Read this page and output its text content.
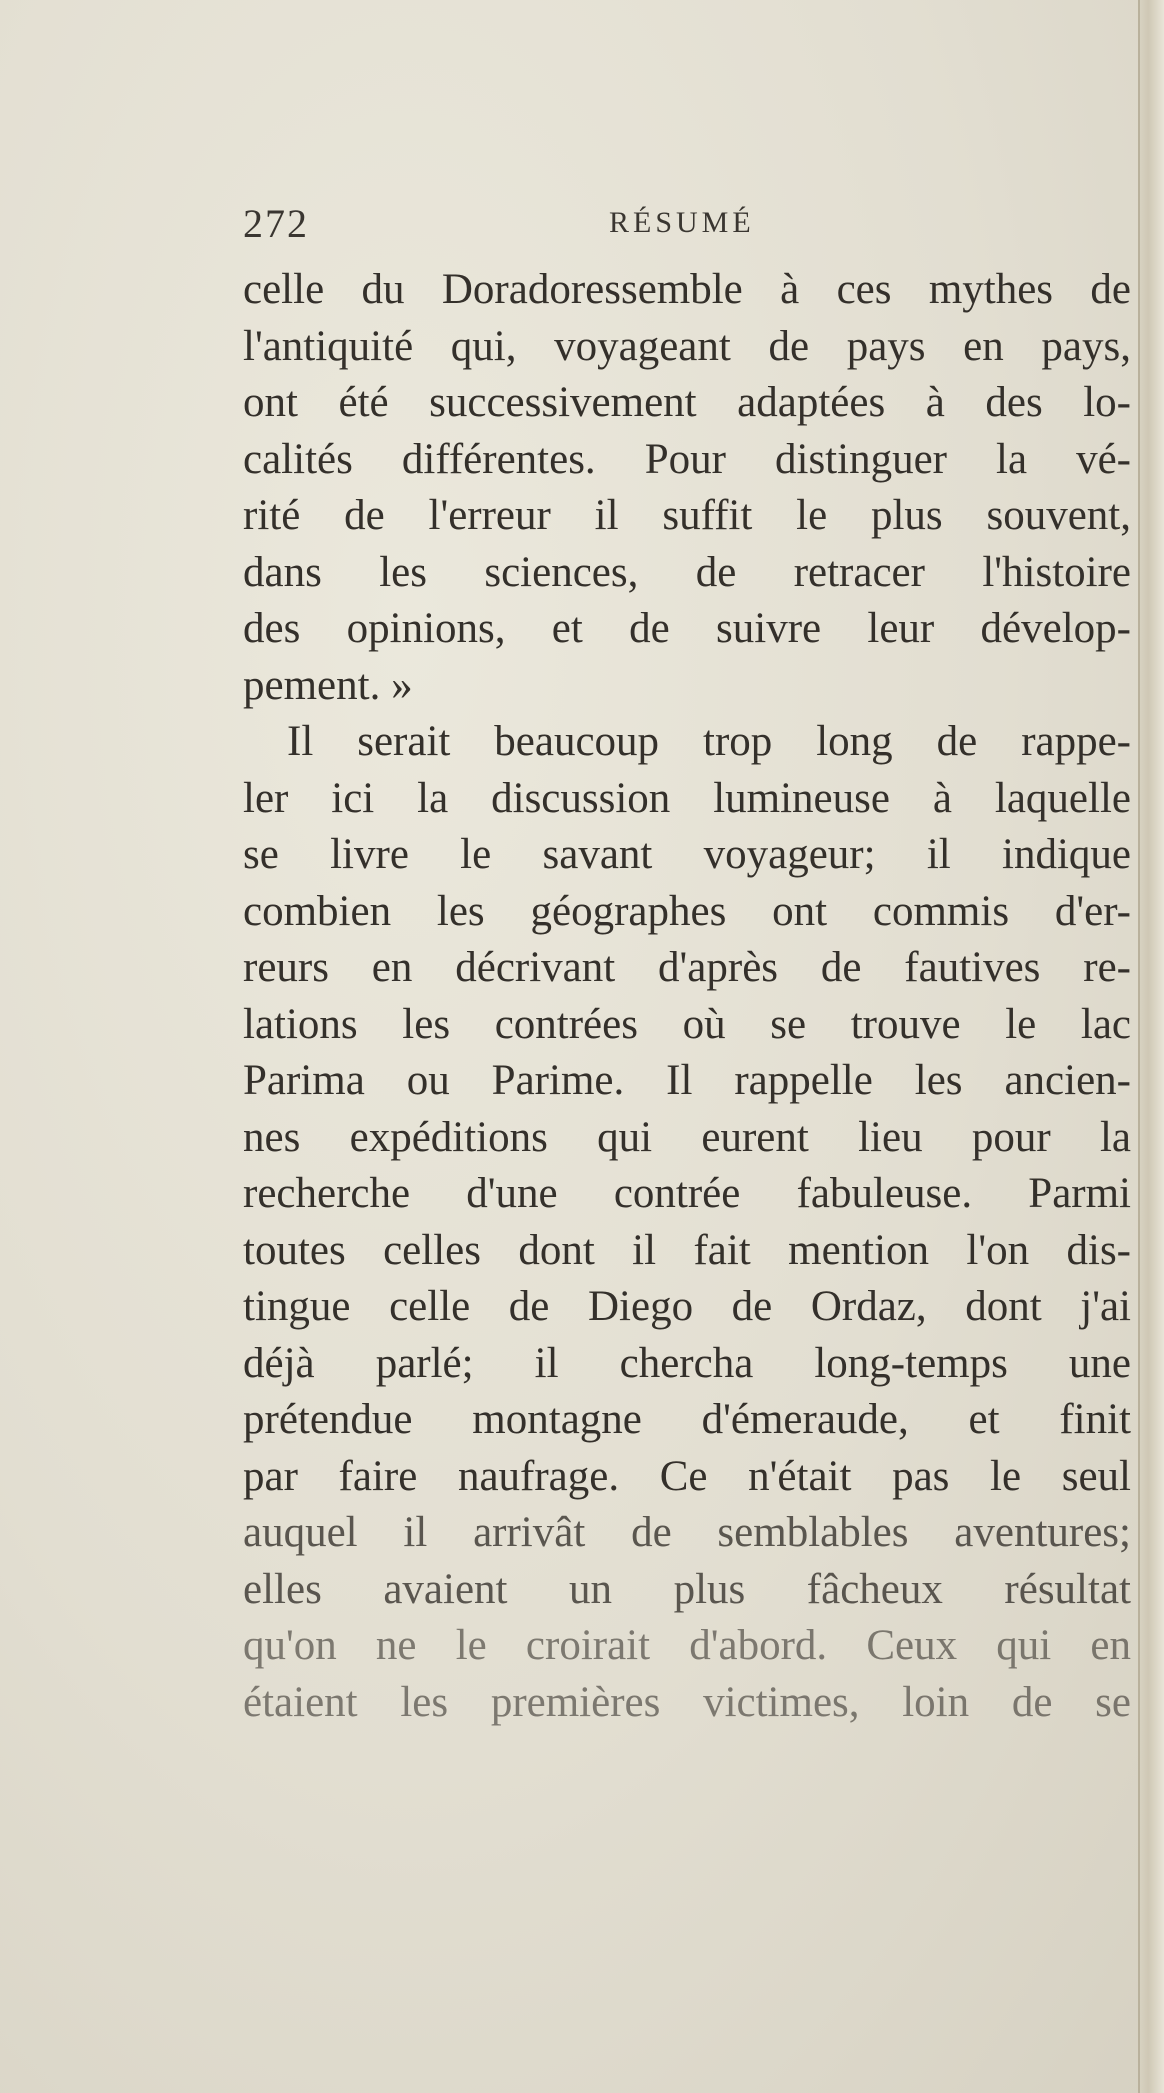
272	RÉSUMÉ
celle du Doradoressemble à ces mythes de
l'antiquité qui, voyageant de pays en pays,
ont été successivement adaptées à des lo-
calités différentes. Pour distinguer la vé-
rité de l'erreur il suffit le plus souvent,
dans les sciences, de retracer l'histoire
des opinions, et de suivre leur dévelop-
pement. »
Il serait beaucoup trop long de rappe-
ler ici la discussion lumineuse à laquelle
se livre le savant voyageur; il indique
combien les géographes ont commis d'er-
reurs en décrivant d'après de fautives re-
lations les contrées où se trouve le lac
Parima ou Parime. Il rappelle les ancien-
nes expéditions qui eurent lieu pour la
recherche d'une contrée fabuleuse. Parmi
toutes celles dont il fait mention l'on dis-
tingue celle de Diego de Ordaz, dont j'ai
déjà parlé; il chercha long-temps une
prétendue montagne d'émeraude, et finit
par faire naufrage. Ce n'était pas le seul
auquel il arrivât de semblables aventures;
elles avaient un plus fâcheux résultat
qu'on ne le croirait d'abord. Ceux qui en
étaient les premières victimes, loin de se
